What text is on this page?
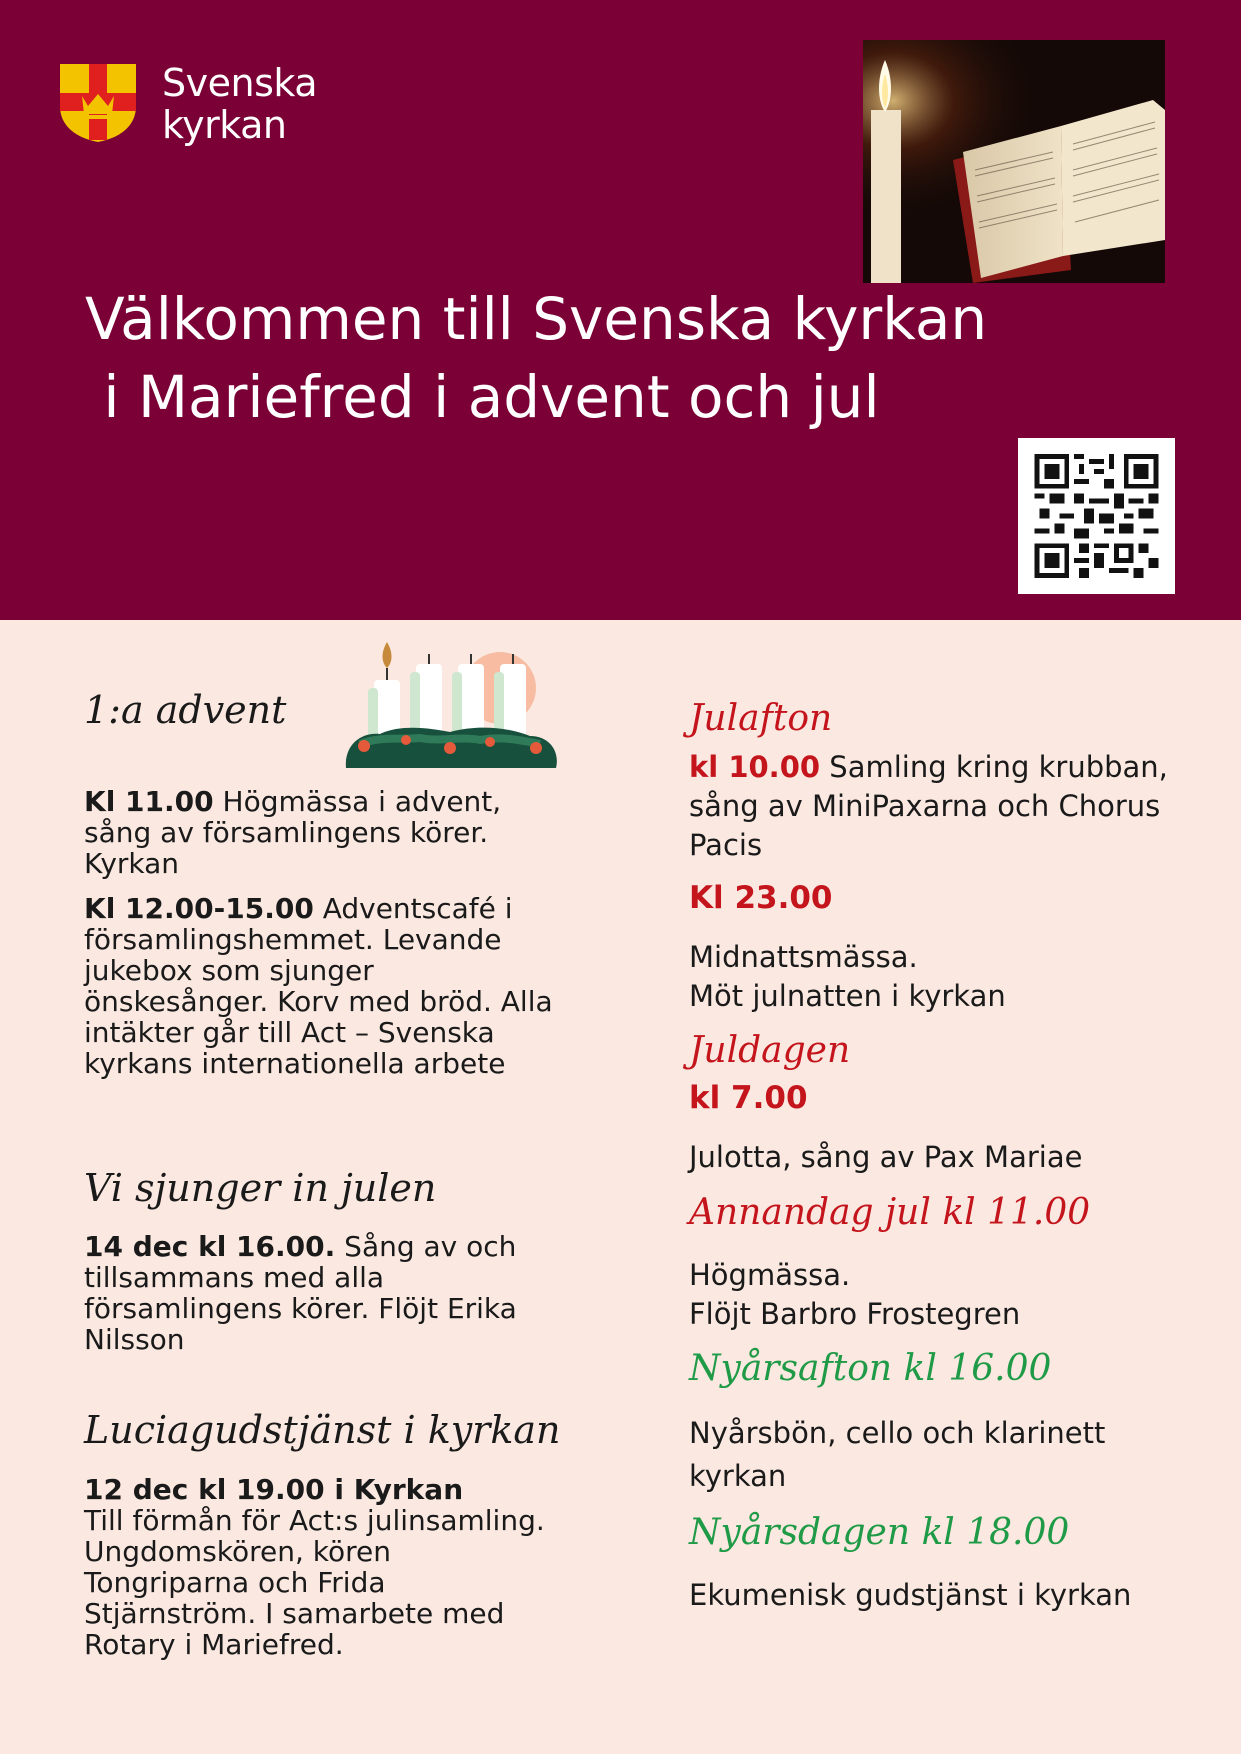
Svenska
kyrkan
Välkommen till Svenska kyrkan
i Mariefred i advent och jul
1:a advent
Kl 11.00 Högmässa i advent, sång av församlingens körer. Kyrkan
Kl 12.00-15.00 Adventscafé i församlingshemmet. Levande jukebox som sjunger önskesånger. Korv med bröd. Alla intäkter går till Act – Svenska kyrkans internationella arbete
Vi sjunger in julen
14 dec kl 16.00. Sång av och tillsammans med alla församlingens körer. Flöjt Erika Nilsson
Luciagudstjänst i kyrkan
12 dec kl 19.00 i Kyrkan
Till förmån för Act:s julinsamling. Ungdomskören, kören Tongriparna och Frida Stjärnström. I samarbete med Rotary i Mariefred.
Julafton
kl 10.00 Samling kring krubban, sång av MiniPaxarna och Chorus Pacis
Kl 23.00
Midnattsmässa.
Möt julnatten i kyrkan
Juldagen
kl 7.00
Julotta, sång av Pax Mariae
Annandag jul kl 11.00
Högmässa.
Flöjt Barbro Frostegren
Nyårsafton kl 16.00
Nyårsbön, cello och klarinett
kyrkan
Nyårsdagen kl 18.00
Ekumenisk gudstjänst i kyrkan
